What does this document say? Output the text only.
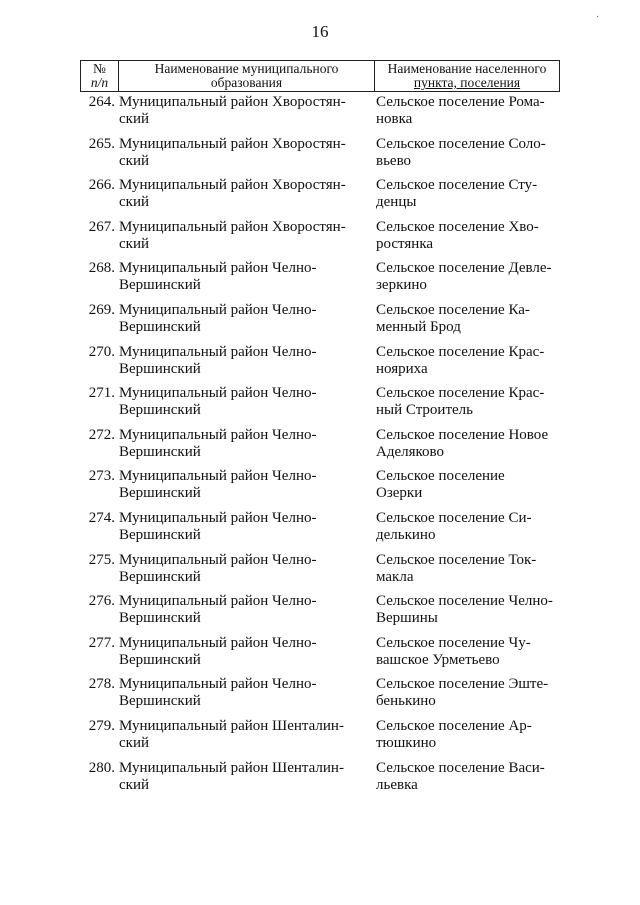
16
·
№
п/п
Наименование муниципального
образования
Наименование населенного
пункта, поселения
264. Муниципальный район Хворостян-
ский
Сельское поселение Рома-
новка
265. Муниципальный район Хворостян-
ский
Сельское поселение Соло-
вьево
266. Муниципальный район Хворостян-
ский
Сельское поселение Сту-
денцы
267. Муниципальный район Хворостян-
ский
Сельское поселение Хво-
ростянка
268. Муниципальный район Челно-
Вершинский
Сельское поселение Девле-
зеркино
269. Муниципальный район Челно-
Вершинский
Сельское поселение Ка-
менный Брод
270. Муниципальный район Челно-
Вершинский
Сельское поселение Крас-
нояриха
271. Муниципальный район Челно-
Вершинский
Сельское поселение Крас-
ный Строитель
272. Муниципальный район Челно-
Вершинский
Сельское поселение Новое
Аделяково
273. Муниципальный район Челно-
Вершинский
Сельское поселение
Озерки
274. Муниципальный район Челно-
Вершинский
Сельское поселение Си-
делькино
275. Муниципальный район Челно-
Вершинский
Сельское поселение Ток-
макла
276. Муниципальный район Челно-
Вершинский
Сельское поселение Челно-
Вершины
277. Муниципальный район Челно-
Вершинский
Сельское поселение Чу-
вашское Урметьево
278. Муниципальный район Челно-
Вершинский
Сельское поселение Эште-
бенькино
279. Муниципальный район Шенталин-
ский
Сельское поселение Ар-
тюшкино
280. Муниципальный район Шенталин-
ский
Сельское поселение Васи-
льевка
